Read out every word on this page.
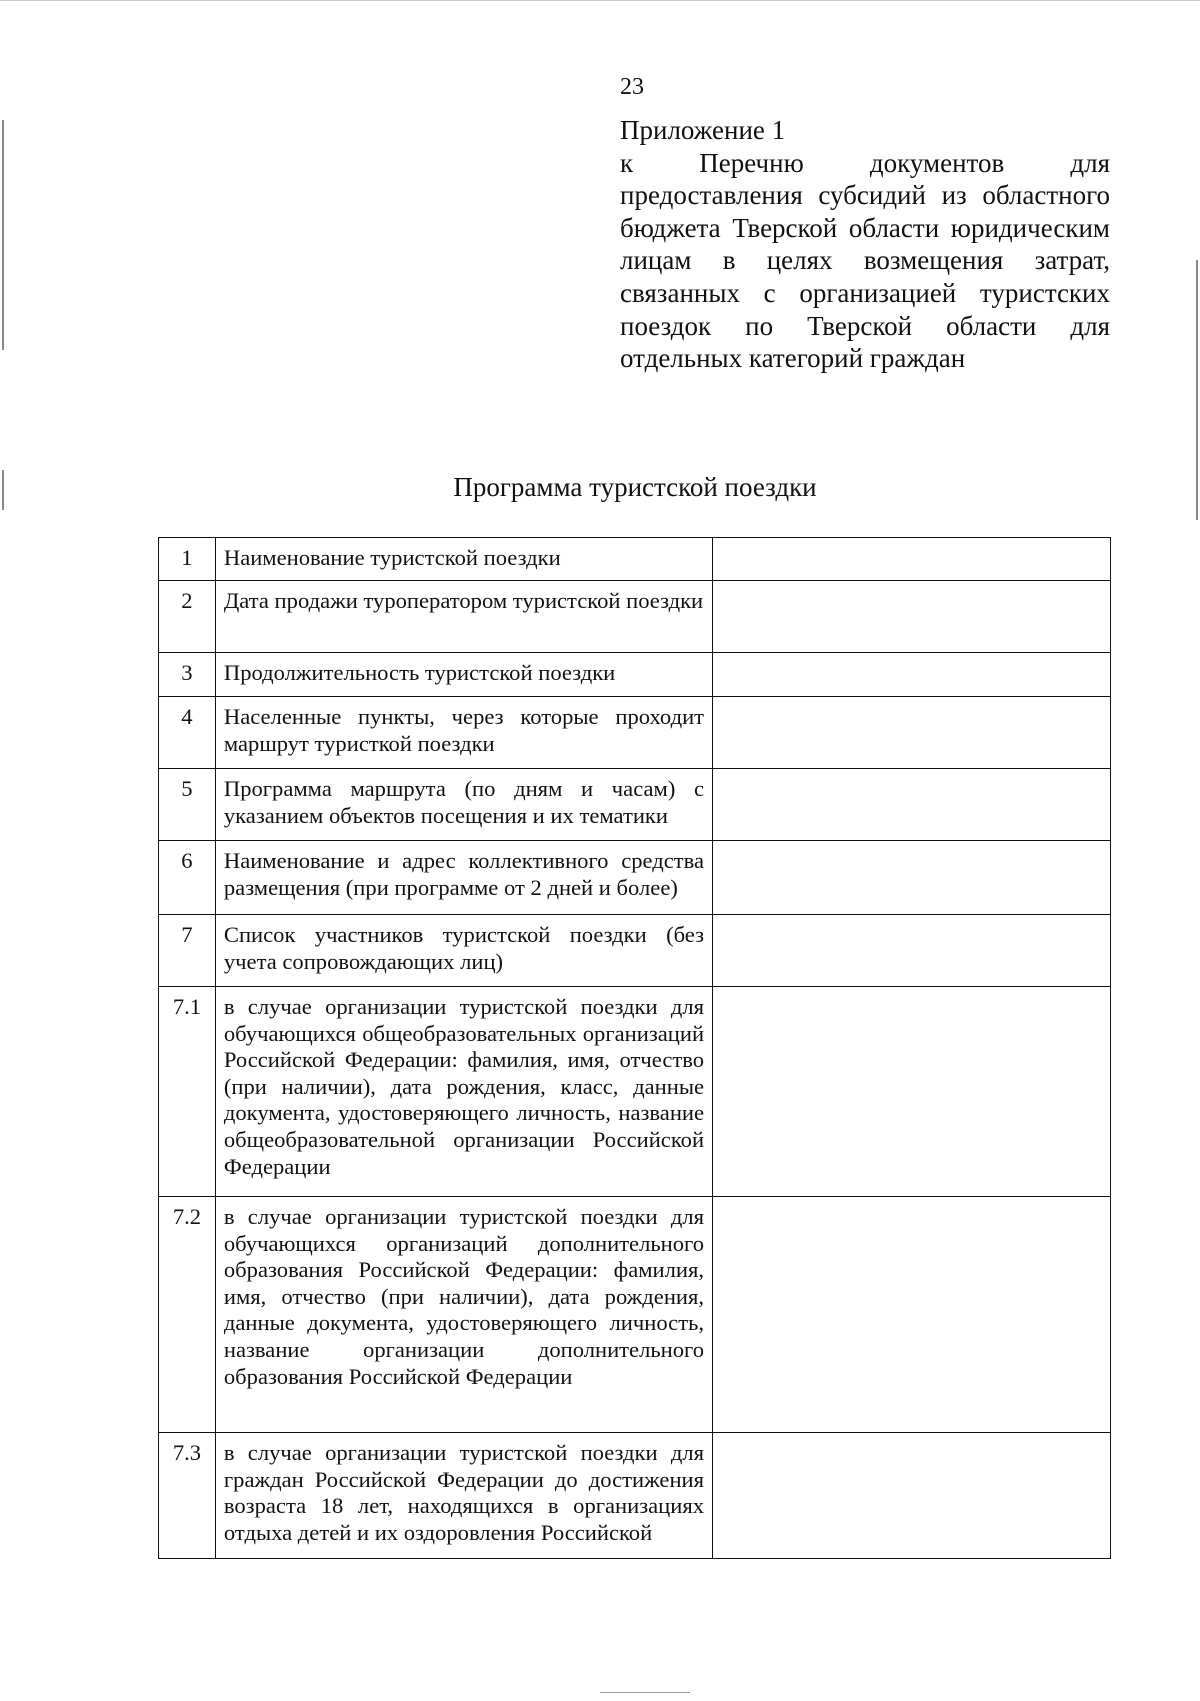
23
Приложение 1
к Перечню документов для предоставления субсидий из областного бюджета Тверской области юридическим лицам в целях возмещения затрат, связанных с организацией туристских поездок по Тверской области для отдельных категорий граждан
Программа туристской поездки
1	Наименование туристской поездки	
2	Дата продажи туроператором туристской поездки	
3	Продолжительность туристской поездки	
4	Населенные пункты, через которые проходит маршрут туристкой поездки	
5	Программа маршрута (по дням и часам) с указанием объектов посещения и их тематики	
6	Наименование и адрес коллективного средства размещения (при программе от 2 дней и более)	
7	Список участников туристской поездки (без учета сопровождающих лиц)	
7.1	в случае организации туристской поездки для обучающихся общеобразовательных организаций Российской Федерации: фамилия, имя, отчество (при наличии), дата рождения, класс, данные документа, удостоверяющего личность, название общеобразовательной организации Российской Федерации	
7.2	в случае организации туристской поездки для обучающихся организаций дополнительного образования Российской Федерации: фамилия, имя, отчество (при наличии), дата рождения, данные документа, удостоверяющего личность, название организации дополнительного образования Российской Федерации	
7.3	в случае организации туристской поездки для граждан Российской Федерации до достижения возраста 18 лет, находящихся в организациях отдыха детей и их оздоровления Российской	
